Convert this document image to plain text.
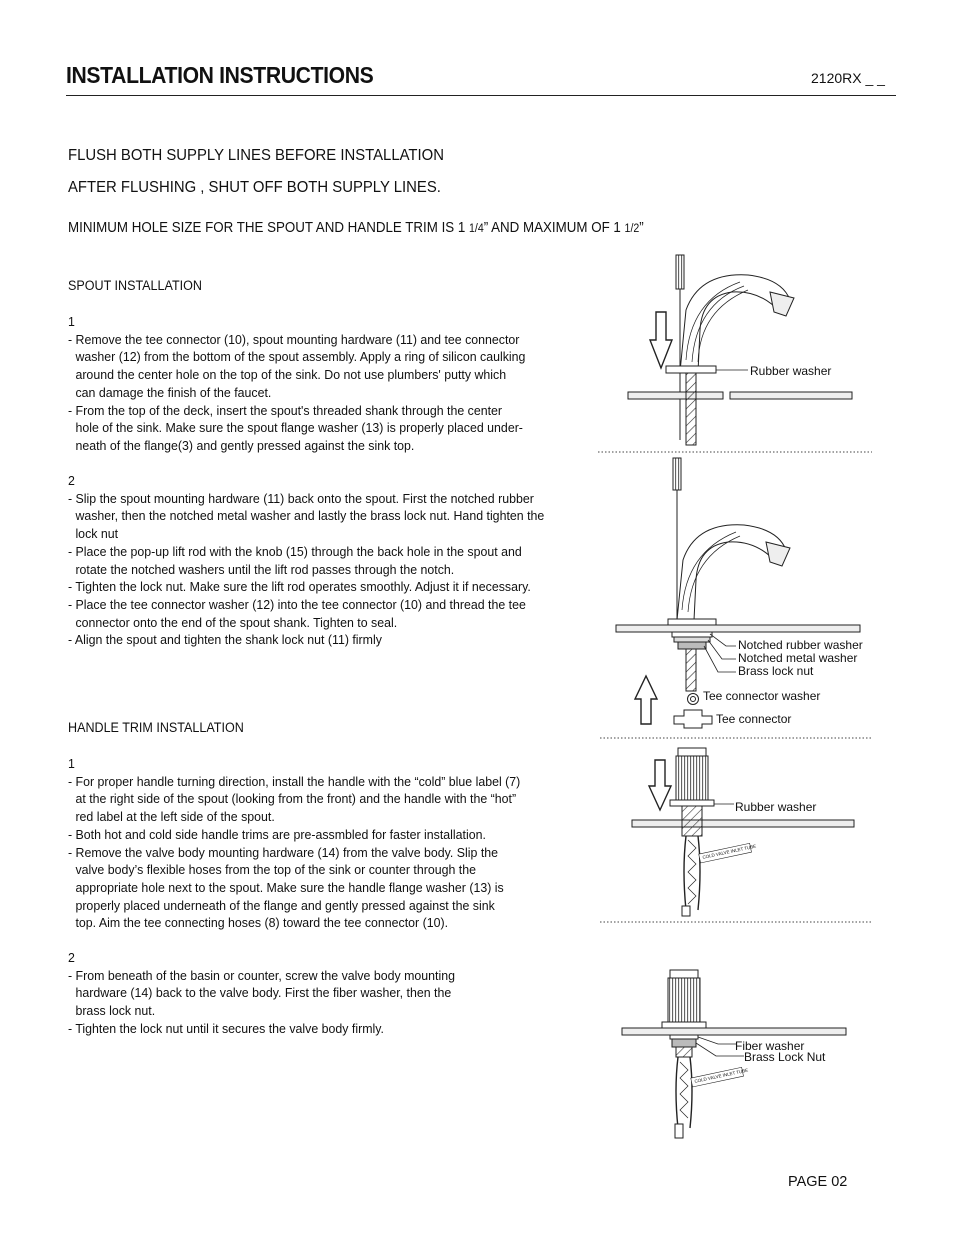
INSTALLATION INSTRUCTIONS	2120RX _ _
FLUSH BOTH SUPPLY LINES BEFORE INSTALLATION
AFTER FLUSHING , SHUT OFF BOTH SUPPLY LINES.
MINIMUM HOLE SIZE FOR THE SPOUT AND HANDLE TRIM IS 1 1/4” AND MAXIMUM OF 1 1/2”
SPOUT INSTALLATION

1

- Remove the tee connector (10), spout mounting hardware (11) and tee connector
washer (12) from the bottom of the spout assembly. Apply a ring of silicon caulking
around the center hole on the top of the sink. Do not use plumbers' putty which
can damage the finish of the faucet.

- From the top of the deck, insert the spout's threaded shank through the center
hole of the sink. Make sure the spout flange washer (13) is properly placed under-
neath of the flange(3) and gently pressed against the sink top.

2

- Slip the spout mounting hardware (11) back onto the spout. First the notched rubber
washer, then the notched metal washer and lastly the brass lock nut. Hand tighten the
lock nut

- Place the pop-up lift rod with the knob (15) through the back hole in the spout and
rotate the notched washers until the lift rod passes through the notch.

- Tighten the lock nut. Make sure the lift rod operates smoothly. Adjust it if necessary.

- Place the tee connector washer (12) into the tee connector (10) and thread the tee
connector onto the end of the spout shank. Tighten to seal.

- Align the spout and tighten the shank lock nut (11) firmly

HANDLE TRIM INSTALLATION

1

- For proper handle turning direction, install the handle with the “cold” blue label (7)
at the right side of the spout (looking from the front) and the handle with the “hot”
red label at the left side of the spout.

- Both hot and cold side handle trims are pre-assmbled for faster installation.

- Remove the valve body mounting hardware (14) from the valve body. Slip the
valve body’s flexible hoses from the top of the sink or counter through the
appropriate hole next to the spout. Make sure the handle flange washer (13) is
properly placed underneath of the flange and gently pressed against the sink
top. Aim the tee connecting hoses (8) toward the tee connector (10).

2

- From beneath of the basin or counter, screw the valve body mounting
hardware (14) back to the valve body. First the fiber washer, then the
brass lock nut.

- Tighten the lock nut until it secures the valve body firmly.

Rubber washer
Notched rubber washer
Notched metal washer
Brass lock nut
Tee connector washer
Tee connector
Rubber washer
COLD VALVE INLET TUBE
Fiber washer
Brass Lock Nut
COLD VALVE INLET TUBE
PAGE 02
